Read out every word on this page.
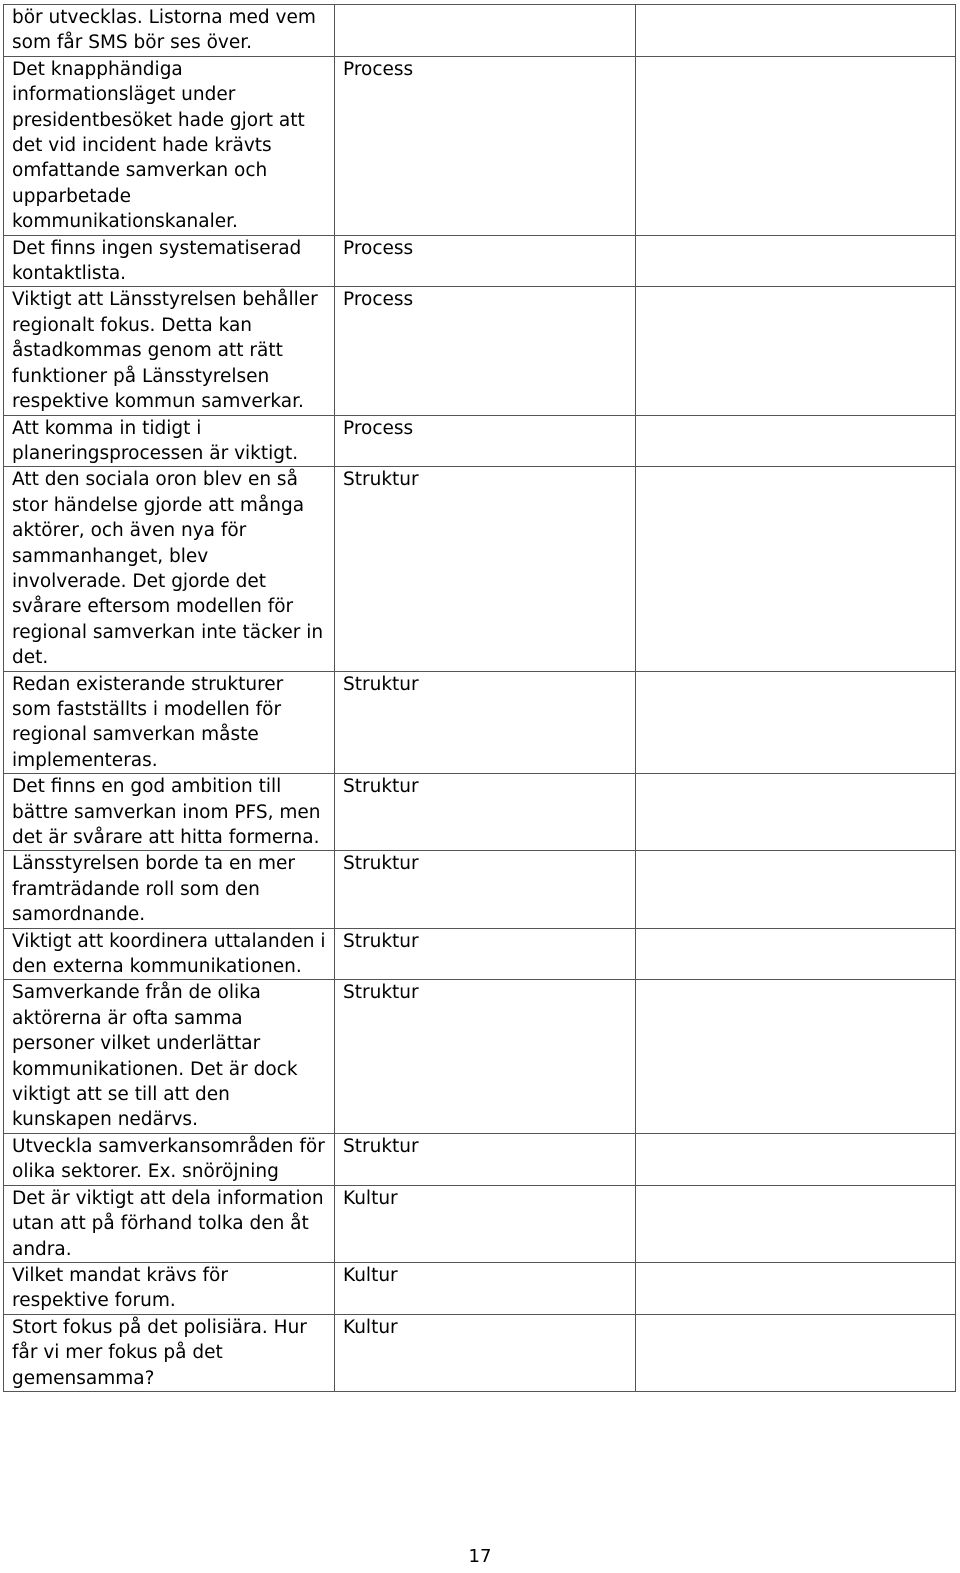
bör utvecklas. Listorna med vem som får SMS bör ses över.		
Det knapphändiga informationsläget under presidentbesöket hade gjort att det vid incident hade krävts omfattande samverkan och upparbetade kommunikationskanaler.	Process	
Det finns ingen systematiserad kontaktlista.	Process	
Viktigt att Länsstyrelsen behåller regionalt fokus. Detta kan åstadkommas genom att rätt funktioner på Länsstyrelsen respektive kommun samverkar.	Process	
Att komma in tidigt i planeringsprocessen är viktigt.	Process	
Att den sociala oron blev en så stor händelse gjorde att många aktörer, och även nya för sammanhanget, blev involverade. Det gjorde det svårare eftersom modellen för regional samverkan inte täcker in det.	Struktur	
Redan existerande strukturer som fastställts i modellen för regional samverkan måste implementeras.	Struktur	
Det finns en god ambition till bättre samverkan inom PFS, men det är svårare att hitta formerna.	Struktur	
Länsstyrelsen borde ta en mer framträdande roll som den samordnande.	Struktur	
Viktigt att koordinera uttalanden i den externa kommunikationen.	Struktur	
Samverkande från de olika aktörerna är ofta samma personer vilket underlättar kommunikationen. Det är dock viktigt att se till att den kunskapen nedärvs.	Struktur	
Utveckla samverkansområden för olika sektorer. Ex. snöröjning	Struktur	
Det är viktigt att dela information utan att på förhand tolka den åt andra.	Kultur	
Vilket mandat krävs för respektive forum.	Kultur	
Stort fokus på det polisiära. Hur får vi mer fokus på det gemensamma?	Kultur	
17
